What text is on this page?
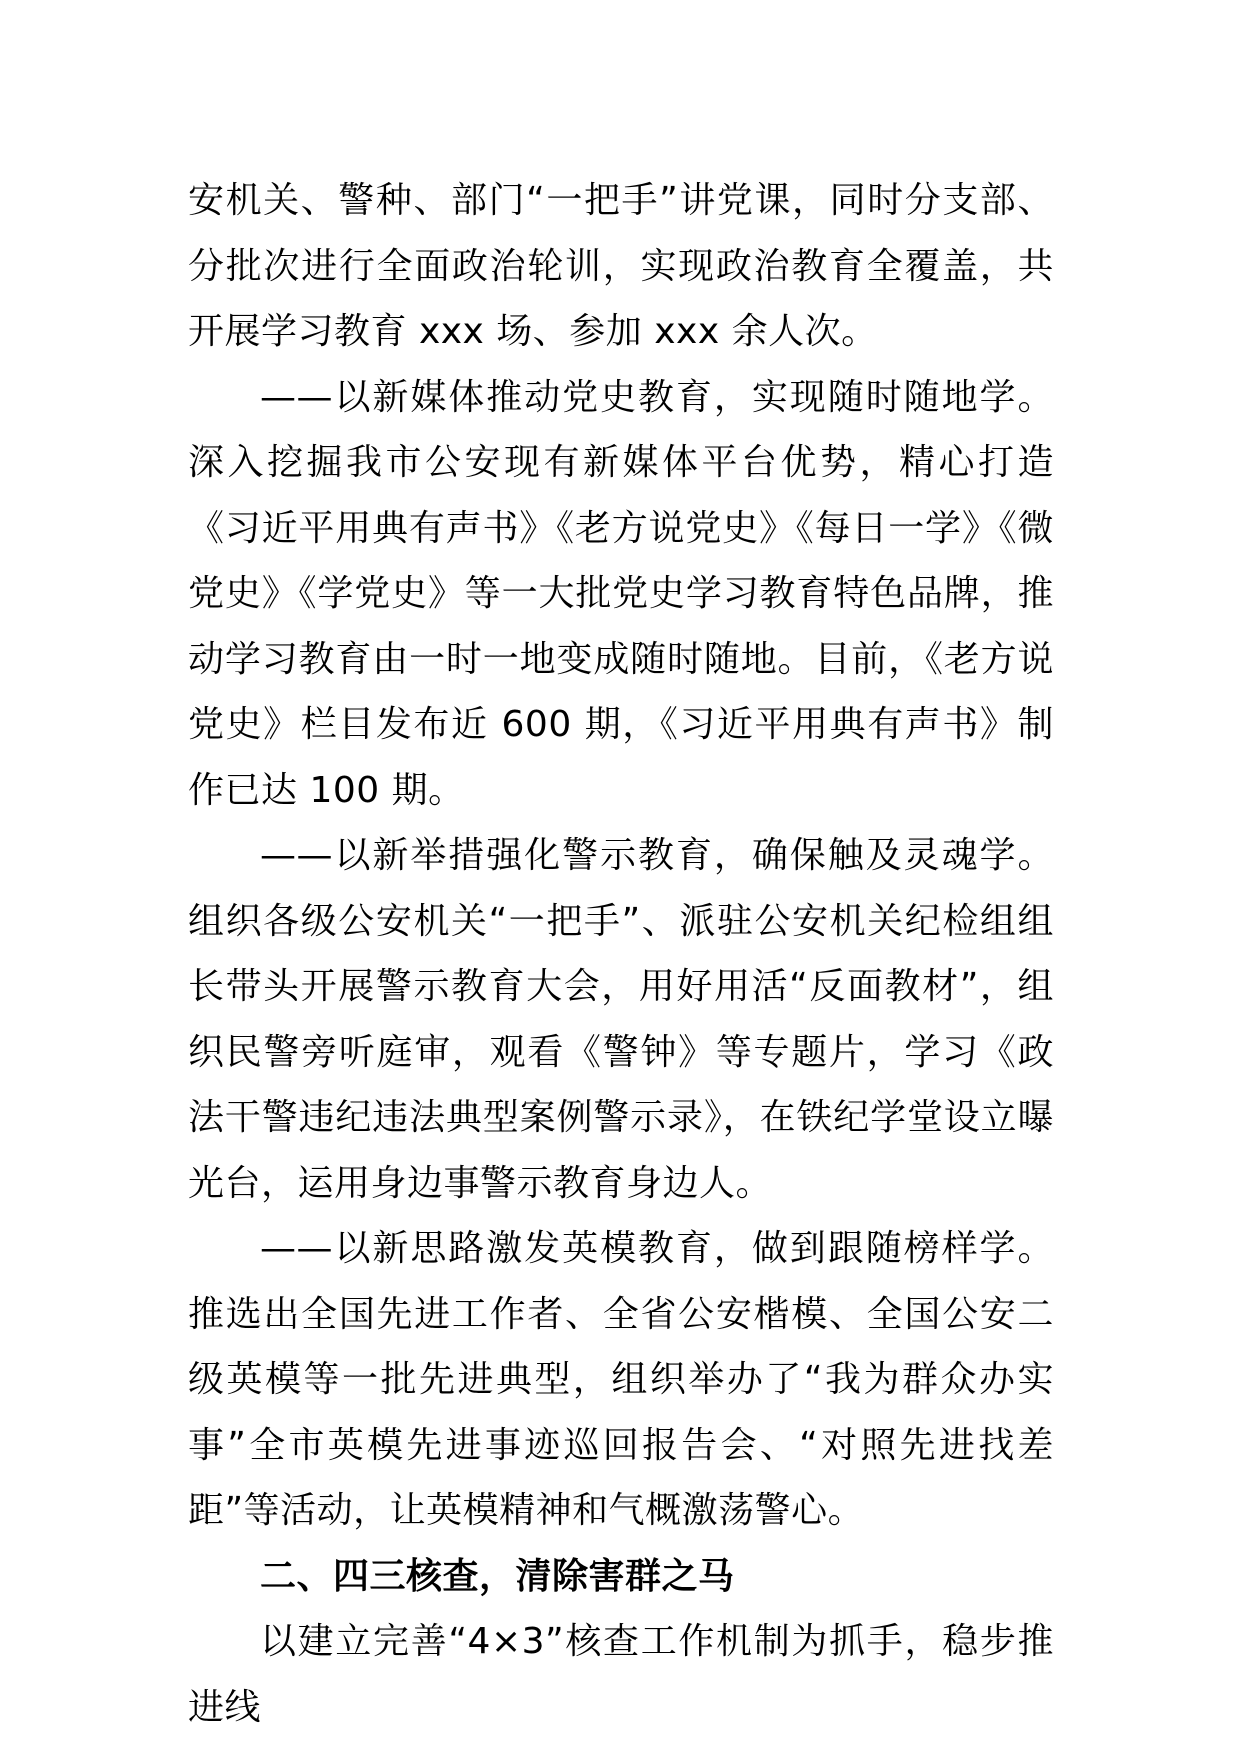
安机关、警种、部门“一把手”讲党课，同时分支部、分批次进行全面政治轮训，实现政治教育全覆盖，共开展学习教育 xxx 场、参加 xxx 余人次。

——以新媒体推动党史教育，实现随时随地学。深入挖掘我市公安现有新媒体平台优势，精心打造《习近平用典有声书》《老方说党史》《每日一学》《微党史》《学党史》等一大批党史学习教育特色品牌，推动学习教育由一时一地变成随时随地。目前，《老方说党史》栏目发布近 600 期，《习近平用典有声书》制作已达 100 期。

——以新举措强化警示教育，确保触及灵魂学。组织各级公安机关“一把手”、派驻公安机关纪检组组长带头开展警示教育大会，用好用活“反面教材”，组织民警旁听庭审，观看《警钟》等专题片，学习《政法干警违纪违法典型案例警示录》，在铁纪学堂设立曝光台，运用身边事警示教育身边人。

——以新思路激发英模教育，做到跟随榜样学。推选出全国先进工作者、全省公安楷模、全国公安二级英模等一批先进典型，组织举办了“我为群众办实事”全市英模先进事迹巡回报告会、“对照先进找差距”等活动，让英模精神和气概激荡警心。

二、四三核查，清除害群之马

以建立完善“4×3”核查工作机制为抓手，稳步推进线
